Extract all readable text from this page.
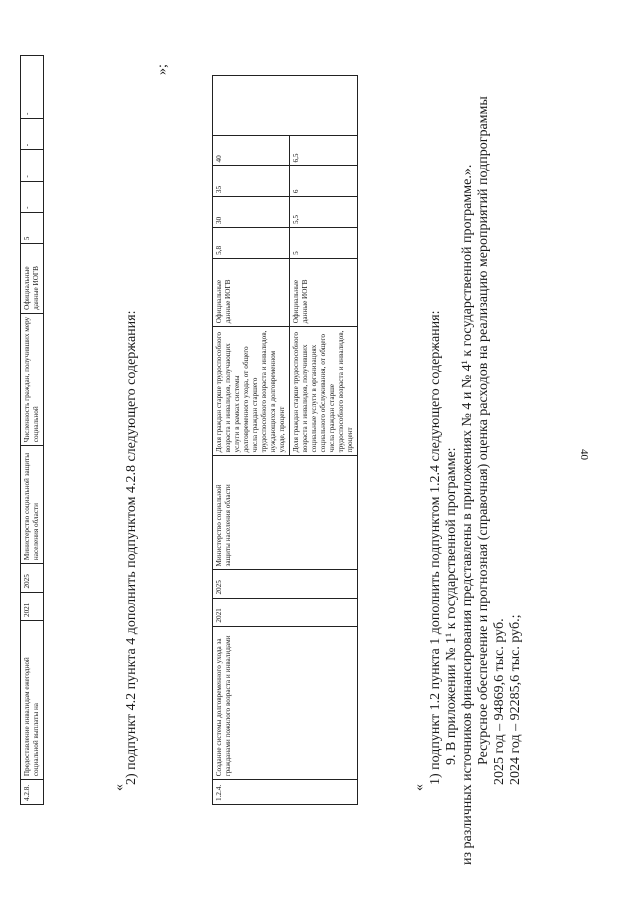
40
2024 год – 92285,6 тыс. руб.;
2025 год – 94869,6 тыс. руб.
Ресурсное обеспечение и прогнозная (справочная) оценка расходов на реализацию мероприятий подпрограммы
из различных источников финансирования представлены в приложениях № 4 и № 4¹ к государственной программе.».
9. В приложении № 1¹ к государственной программе:
1) подпункт 1.2 пункта 1 дополнить подпунктом 1.2.4 следующего содержания:
«
1.2.4.	Создание системы долговременного ухода за гражданами пожилого возраста и инвалидами	2021	2025	Министерство социальной защиты населения области	Доля граждан старше трудоспособного возраста и инвалидов, получающих услуги в рамках системы долговременного ухода, от общего числа граждан старшего трудоспособного возраста и инвалидов, нуждающихся в долговременном уходе, процент	Официальные данные ИОГВ	5,8	30	35	40	
					Доля граждан старше трудоспособного возраста и инвалидов, получивших социальные услуги в организациях социального обслуживания, от общего числа граждан старше трудоспособного возраста и инвалидов, процент	Официальные данные ИОГВ	5	5,5	6	6,5	
»;
2) подпункт 4.2 пункта 4 дополнить подпунктом 4.2.8 следующего содержания:
«
4.2.8.	Предоставление инвалидам ежегодной социальной выплаты на	2021	2025	Министерство социальной защиты населения области	Численность граждан, получивших меру социальной	Официальные данные ИОГВ	5	-	-	-	-
